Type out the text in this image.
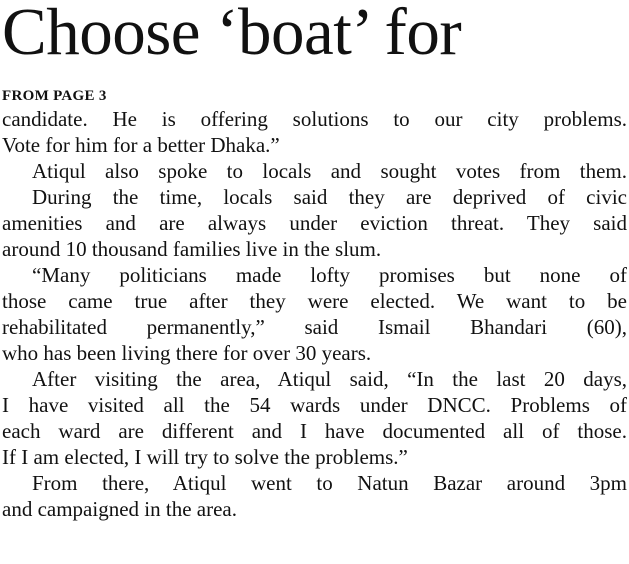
Choose ‘boat’ for
FROM PAGE 3
candidate. He is offering solutions to our city problems.
Vote for him for a better Dhaka.”
Atiqul also spoke to locals and sought votes from them.
During the time, locals said they are deprived of civic
amenities and are always under eviction threat. They said
around 10 thousand families live in the slum.
“Many politicians made lofty promises but none of
those came true after they were elected. We want to be
rehabilitated permanently,” said Ismail Bhandari (60),
who has been living there for over 30 years.
After visiting the area, Atiqul said, “In the last 20 days,
I have visited all the 54 wards under DNCC. Problems of
each ward are different and I have documented all of those.
If I am elected, I will try to solve the problems.”
From there, Atiqul went to Natun Bazar around 3pm
and campaigned in the area.
